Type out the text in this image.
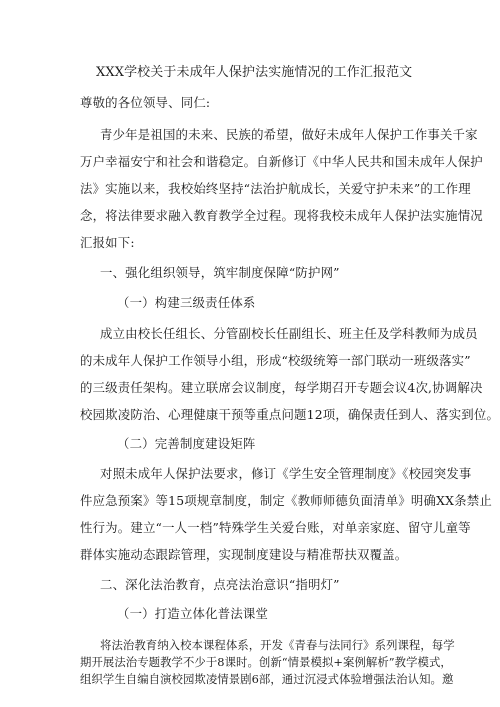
XXX学校关于未成年人保护法实施情况的工作汇报范文
尊敬的各位领导、同仁:
青少年是祖国的未来、民族的希望，做好未成年人保护工作事关千家
万户幸福安宁和社会和谐稳定。自新修订《中华人民共和国未成年人保护
法》实施以来，我校始终坚持“法治护航成长，关爱守护未来”的工作理
念，将法律要求融入教育教学全过程。现将我校未成年人保护法实施情况
汇报如下:
一、强化组织领导，筑牢制度保障“防护网”
（一）构建三级责任体系
成立由校长任组长、分管副校长任副组长、班主任及学科教师为成员
的未成年人保护工作领导小组，形成“校级统筹一部门联动一班级落实”
的三级责任架构。建立联席会议制度，每学期召开专题会议4次,协调解决
校园欺凌防治、心理健康干预等重点问题12项，确保责任到人、落实到位。
（二）完善制度建设矩阵
对照未成年人保护法要求，修订《学生安全管理制度》《校园突发事
件应急预案》等15项规章制度，制定《教师师德负面清单》明确XX条禁止
性行为。建立“一人一档”特殊学生关爱台账，对单亲家庭、留守儿童等
群体实施动态跟踪管理，实现制度建设与精准帮扶双覆盖。
二、深化法治教育，点亮法治意识“指明灯”
（一）打造立体化普法课堂
将法治教育纳入校本课程体系，开发《青春与法同行》系列课程，每学
期开展法治专题教学不少于8课时。创新“情景模拟+案例解析”教学模式，
组织学生自编自演校园欺凌情景剧6部，通过沉浸式体验增强法治认知。邀
